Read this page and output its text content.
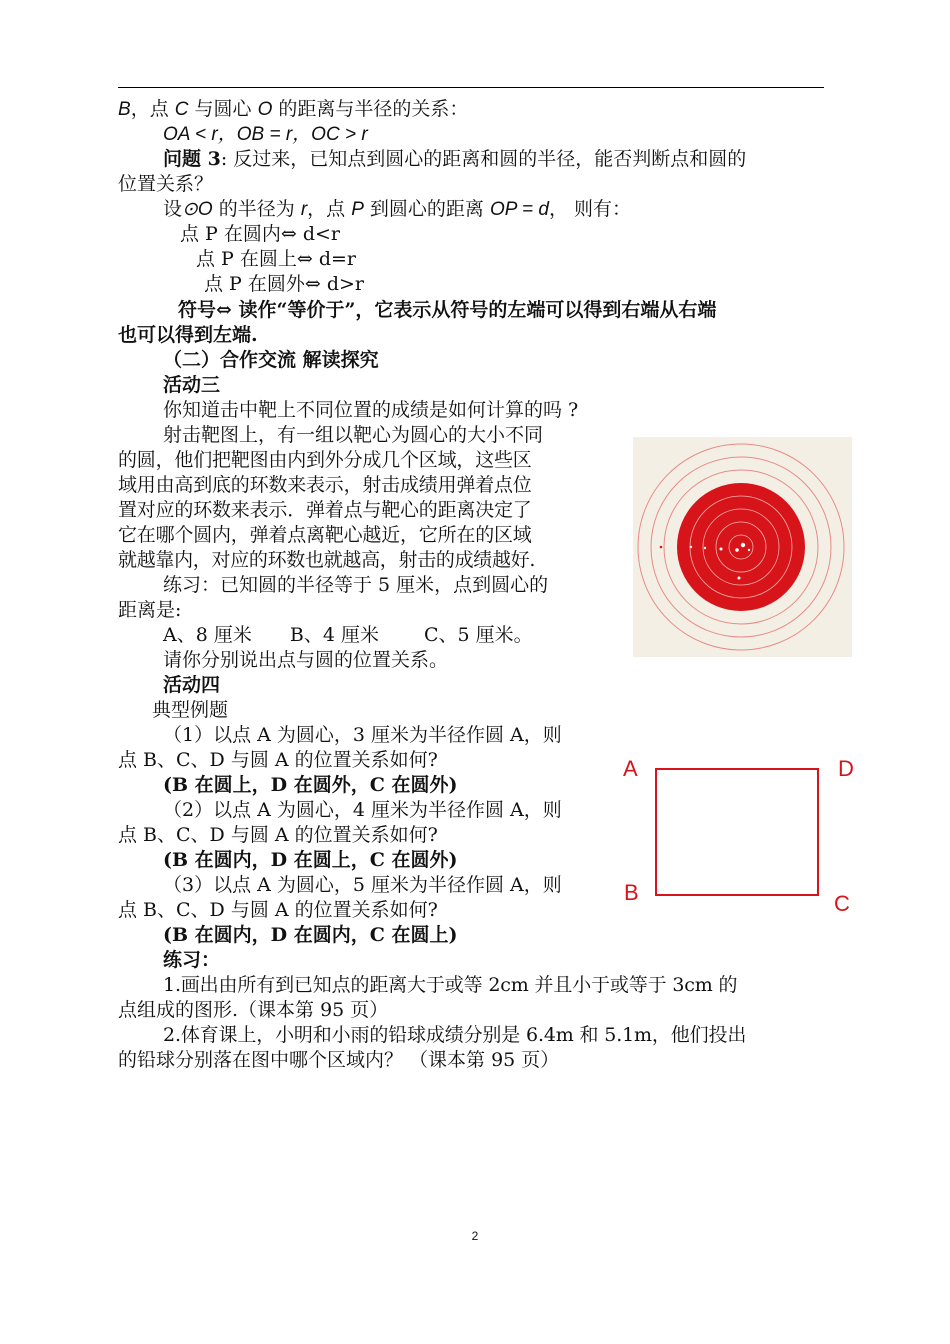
B，点 C 与圆心 O 的距离与半径的关系：
OA < r，OB = r，OC > r
问题 3: 反过来，已知点到圆心的距离和圆的半径，能否判断点和圆的
位置关系？
设⊙O 的半径为 r，点 P 到圆心的距离 OP = d， 则有：
点 P 在圆内⇔ d<r
点 P 在圆上⇔ d=r
点 P 在圆外⇔ d>r
符号⇔ 读作“等价于”，它表示从符号的左端可以得到右端从右端
也可以得到左端.
（二）合作交流 解读探究
活动三
你知道击中靶上不同位置的成绩是如何计算的吗 ?
射击靶图上，有一组以靶心为圆心的大小不同
的圆，他们把靶图由内到外分成几个区域，这些区
域用由高到底的环数来表示，射击成绩用弹着点位
置对应的环数来表示．弹着点与靶心的距离决定了
它在哪个圆内，弹着点离靶心越近，它所在的区域
就越靠内，对应的环数也就越高，射击的成绩越好.
练习：已知圆的半径等于 5 厘米，点到圆心的
距离是:
A、8 厘米 B、4 厘米 C、5 厘米。
请你分别说出点与圆的位置关系。
活动四
典型例题
（1）以点 A 为圆心，3 厘米为半径作圆 A，则
点 B、C、D 与圆 A 的位置关系如何?
(B 在圆上，D 在圆外，C 在圆外)
（2）以点 A 为圆心，4 厘米为半径作圆 A，则
点 B、C、D 与圆 A 的位置关系如何?
(B 在圆内，D 在圆上，C 在圆外)
（3）以点 A 为圆心，5 厘米为半径作圆 A，则
点 B、C、D 与圆 A 的位置关系如何?
(B 在圆内，D 在圆内，C 在圆上)
练习：
1.画出由所有到已知点的距离大于或等 2cm 并且小于或等于 3cm 的
点组成的图形.（课本第 95 页）
2.体育课上，小明和小雨的铅球成绩分别是 6.4m 和 5.1m，他们投出
的铅球分别落在图中哪个区域内？ （课本第 95 页）
A	D
B	C
2
